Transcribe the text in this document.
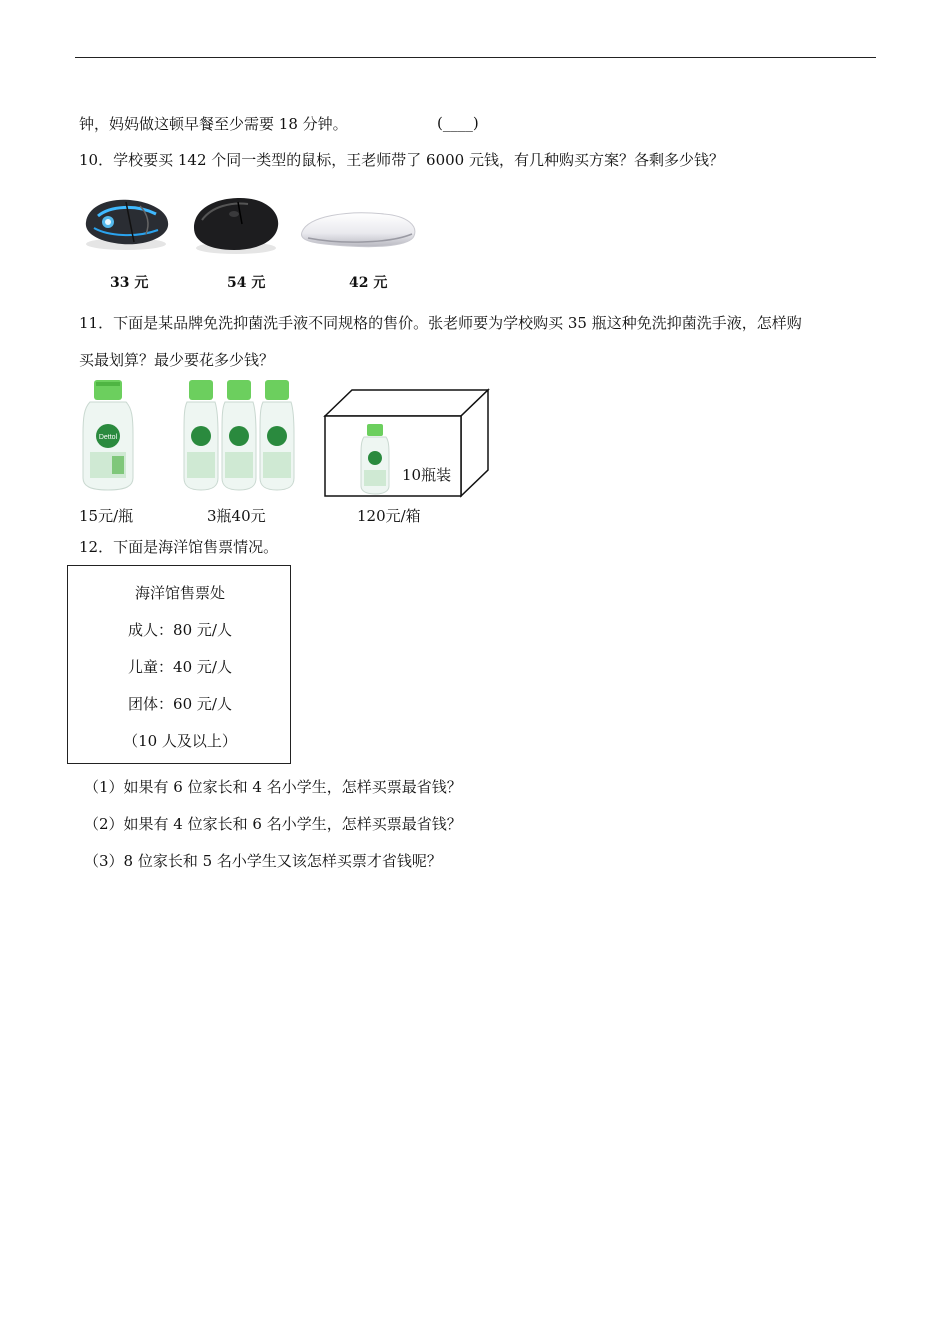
钟，妈妈做这顿早餐至少需要 18 分钟。	(____)
10．学校要买 142 个同一类型的鼠标，王老师带了 6000 元钱，有几种购买方案？各剩多少钱？
33 元	54 元	42 元
11．下面是某品牌免洗抑菌洗手液不同规格的售价。张老师要为学校购买 35 瓶这种免洗抑菌洗手液，怎样购
买最划算？最少要花多少钱？
Dettol
15元/瓶	3瓶40元
10瓶装
120元/箱
12．下面是海洋馆售票情况。
海洋馆售票处
成人：80 元/人
儿童：40 元/人
团体：60 元/人
（10 人及以上）
（1）如果有 6 位家长和 4 名小学生，怎样买票最省钱？
（2）如果有 4 位家长和 6 名小学生，怎样买票最省钱？
（3）8 位家长和 5 名小学生又该怎样买票才省钱呢？
